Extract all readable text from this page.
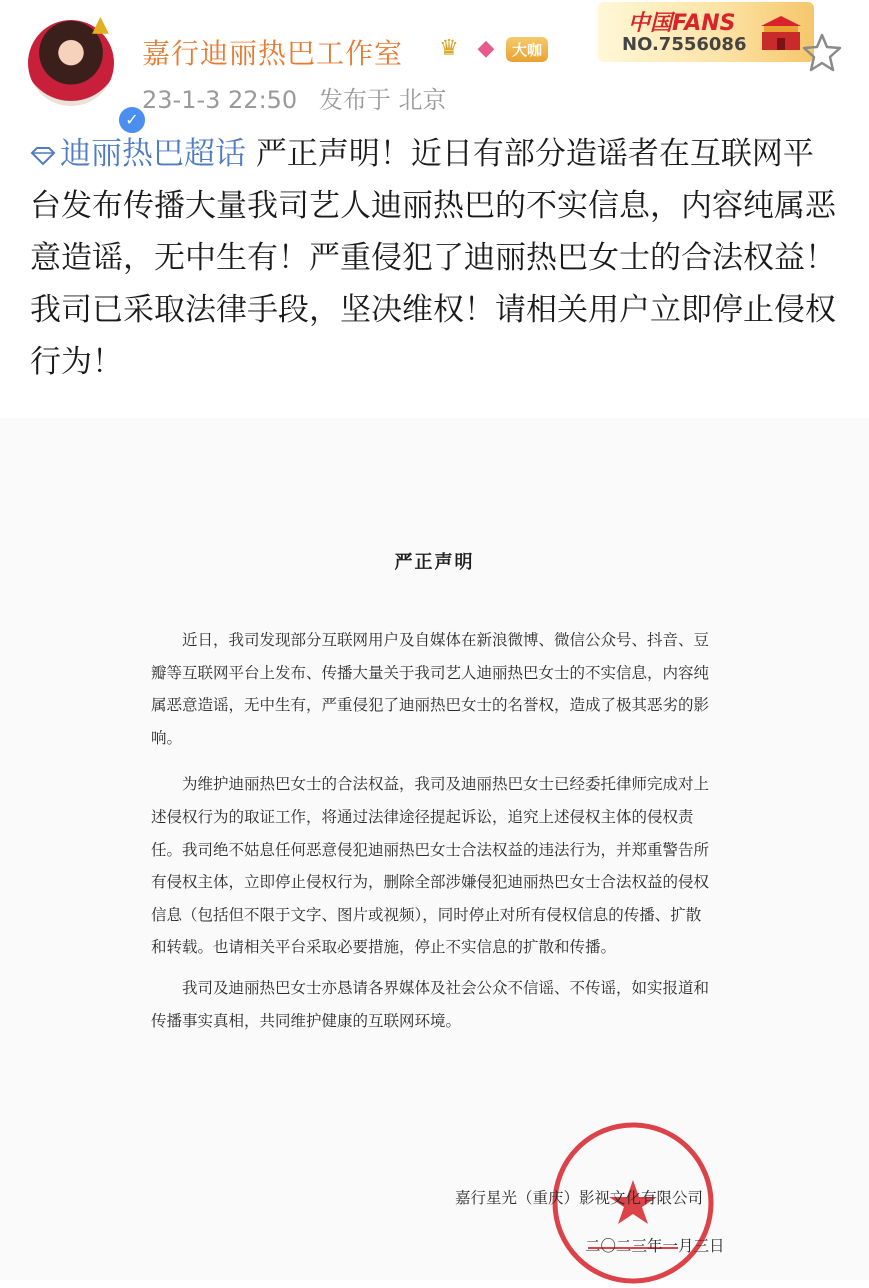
▲
✓
嘉行迪丽热巴工作室	♛ ◆	大咖
23-1-3 22:50 发布于 北京
中国FANS
NO.7556086

迪丽热巴超话 严正声明！近日有部分造谣者在互联网平台发布传播大量我司艺人迪丽热巴的不实信息，内容纯属恶意造谣，无中生有！严重侵犯了迪丽热巴女士的合法权益！

我司已采取法律手段，坚决维权！请相关用户立即停止侵权行为！

严正声明

近日，我司发现部分互联网用户及自媒体在新浪微博、微信公众号、抖音、豆瓣等互联网平台上发布、传播大量关于我司艺人迪丽热巴女士的不实信息，内容纯属恶意造谣，无中生有，严重侵犯了迪丽热巴女士的名誉权，造成了极其恶劣的影响。

为维护迪丽热巴女士的合法权益，我司及迪丽热巴女士已经委托律师完成对上述侵权行为的取证工作，将通过法律途径提起诉讼，追究上述侵权主体的侵权责任。我司绝不姑息任何恶意侵犯迪丽热巴女士合法权益的违法行为，并郑重警告所有侵权主体，立即停止侵权行为，删除全部涉嫌侵犯迪丽热巴女士合法权益的侵权信息（包括但不限于文字、图片或视频），同时停止对所有侵权信息的传播、扩散和转载。也请相关平台采取必要措施，停止不实信息的扩散和传播。

我司及迪丽热巴女士亦恳请各界媒体及社会公众不信谣、不传谣，如实报道和传播事实真相，共同维护健康的互联网环境。

嘉行星光（重庆）影视文化有限公司
二〇二三年一月三日
